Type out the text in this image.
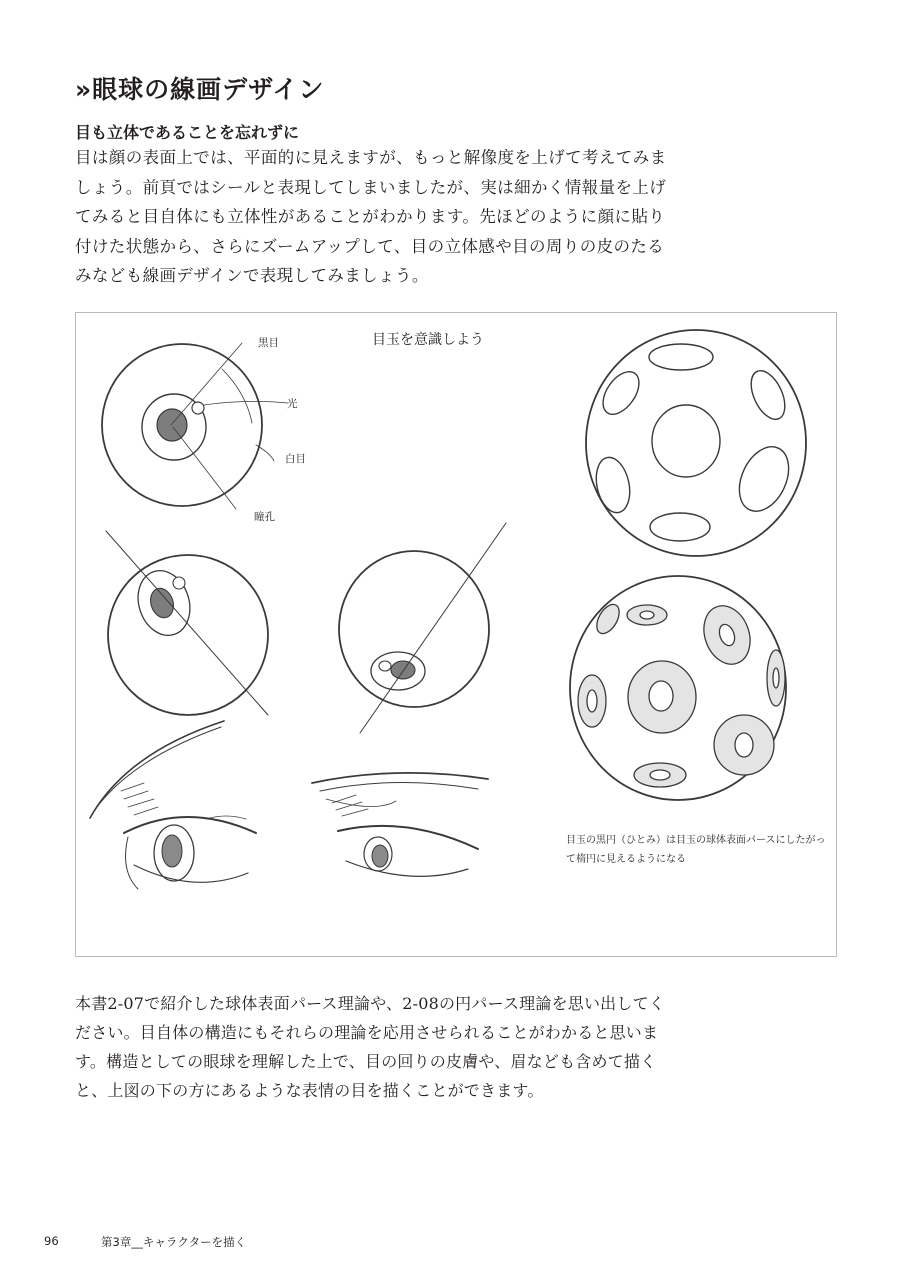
»眼球の線画デザイン
目も立体であることを忘れずに

目は顔の表面上では、平面的に見えますが、もっと解像度を上げて考えてみましょう。前頁ではシールと表現してしまいましたが、実は細かく情報量を上げてみると目自体にも立体性があることがわかります。先ほどのように顔に貼り付けた状態から、さらにズームアップして、目の立体感や目の周りの皮のたるみなども線画デザインで表現してみましょう。

目玉を意識しよう
黒目
光
白目
瞳孔
目玉の黒円（ひとみ）は目玉の球体表面パースにしたがって楕円に見えるようになる

本書2-07で紹介した球体表面パース理論や、2-08の円パース理論を思い出してください。目自体の構造にもそれらの理論を応用させられることがわかると思います。構造としての眼球を理解した上で、目の回りの皮膚や、眉なども含めて描くと、上図の下の方にあるような表情の目を描くことができます。

96	第3章__キャラクターを描く
